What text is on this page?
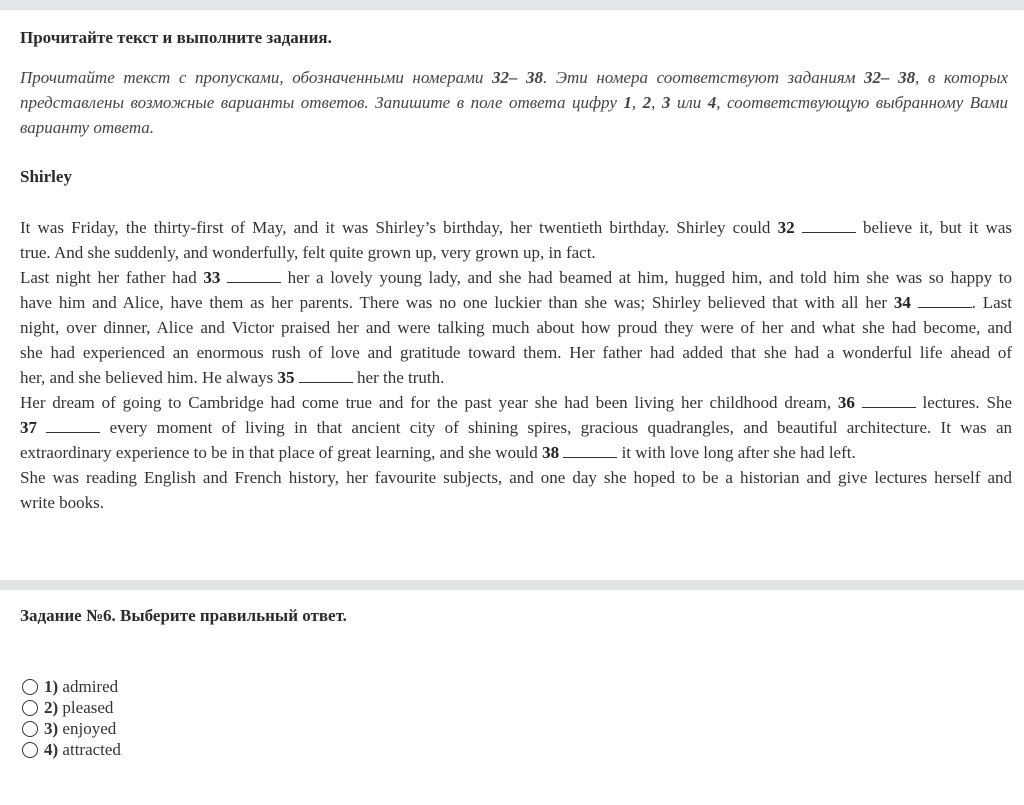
Прочитайте текст и выполните задания.
Прочитайте текст с пропусками, обозначенными номерами 32– 38. Эти номера соответствуют заданиям 32– 38, в которых представлены возможные варианты ответов. Запишите в поле ответа цифру 1, 2, 3 или 4, соответствующую выбранному Вами варианту ответа.
Shirley
It was Friday, the thirty-first of May, and it was Shirley’s birthday, her twentieth birthday. Shirley could 32	believe it, but it was
true. And she suddenly, and wonderfully, felt quite grown up, very grown up, in fact.
Last night her father had 33	her a lovely young lady, and she had beamed at him, hugged him, and told him she was so happy to
have him and Alice, have them as her parents. There was no one luckier than she was; Shirley believed that with all her 34	. Last
night, over dinner, Alice and Victor praised her and were talking much about how proud they were of her and what she had become, and
she had experienced an enormous rush of love and gratitude toward them. Her father had added that she had a wonderful life ahead of
her, and she believed him. He always 35	her the truth.
Her dream of going to Cambridge had come true and for the past year she had been living her childhood dream, 36	lectures. She
37	every moment of living in that ancient city of shining spires, gracious quadrangles, and beautiful architecture. It was an
extraordinary experience to be in that place of great learning, and she would 38	it with love long after she had left.
She was reading English and French history, her favourite subjects, and one day she hoped to be a historian and give lectures herself and
write books.
Задание №6. Выберите правильный ответ.
1) admired
2) pleased
3) enjoyed
4) attracted
